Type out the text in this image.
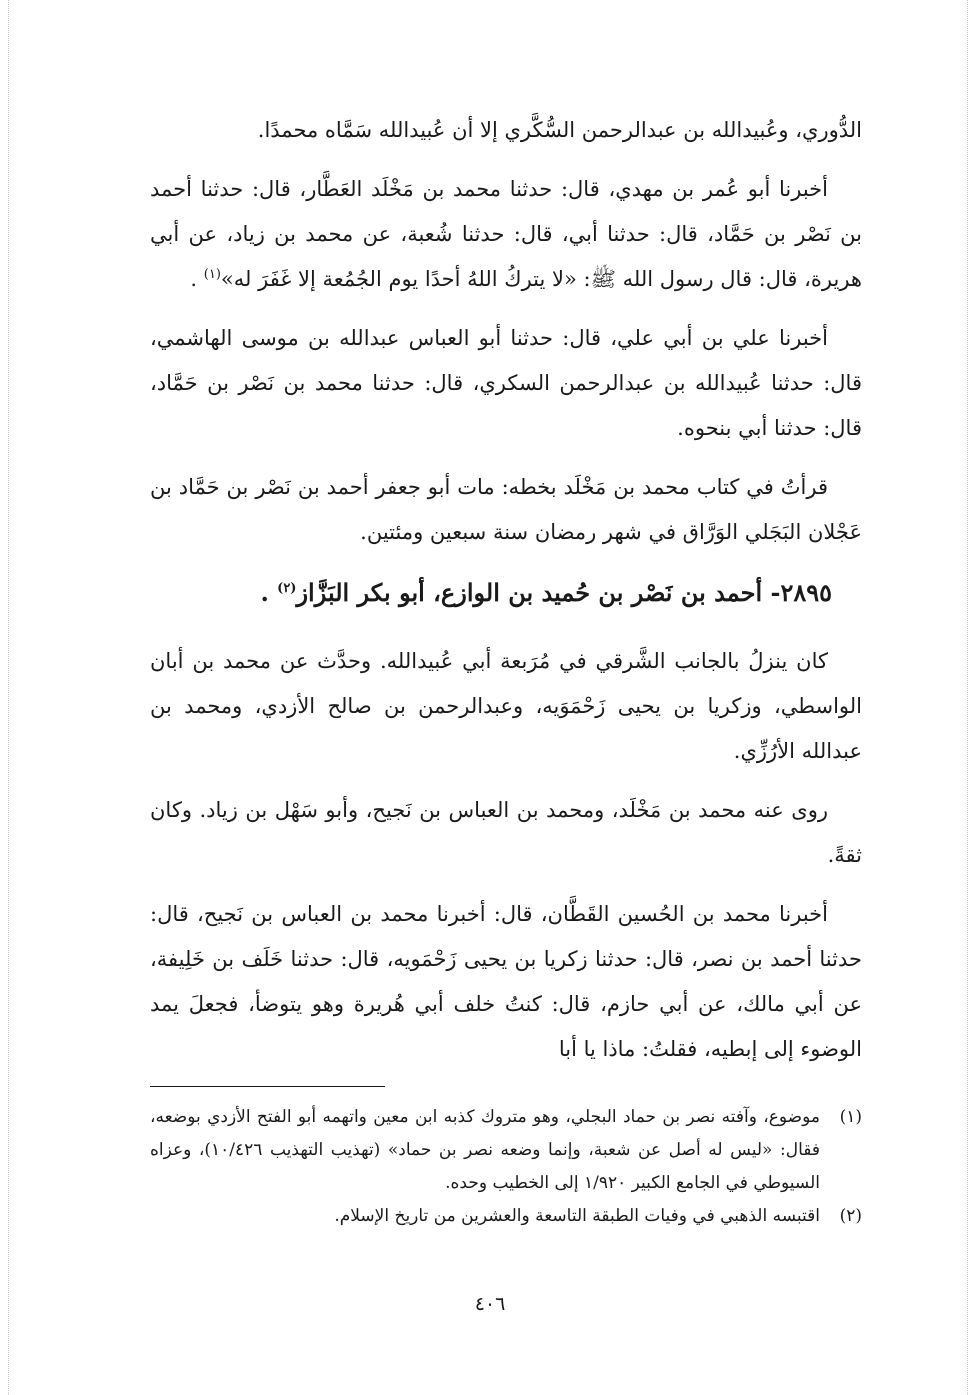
الدُّوري، وعُبيدالله بن عبدالرحمن السُّكَّري إلا أن عُبيدالله سَمَّاه محمدًا.

أخبرنا أبو عُمر بن مهدي، قال: حدثنا محمد بن مَخْلَد العَطَّار، قال: حدثنا أحمد بن نَصْر بن حَمَّاد، قال: حدثنا أبي، قال: حدثنا شُعبة، عن محمد بن زياد، عن أبي هريرة، قال: قال رسول الله ﷺ: «لا يتركُ اللهُ أحدًا يوم الجُمُعة إلا غَفَرَ له»$^{(١)}$ .

أخبرنا علي بن أبي علي، قال: حدثنا أبو العباس عبدالله بن موسى الهاشمي، قال: حدثنا عُبيدالله بن عبدالرحمن السكري، قال: حدثنا محمد بن نَصْر بن حَمَّاد، قال: حدثنا أبي بنحوه.

قرأتُ في كتاب محمد بن مَخْلَد بخطه: مات أبو جعفر أحمد بن نَصْر بن حَمَّاد بن عَجْلان البَجَلي الوَرَّاق في شهر رمضان سنة سبعين ومئتين.

٢٨٩٥- أحمد بن نَصْر بن حُميد بن الوازع، أبو بكر البَزَّاز$^{(٢)}$ .

كان ينزلُ بالجانب الشَّرقي في مُرَبعة أبي عُبيدالله. وحدَّث عن محمد بن أبان الواسطي، وزكريا بن يحيى زَحْمَوَيه، وعبدالرحمن بن صالح الأزدي، ومحمد بن عبدالله الأرُزِّي.

روى عنه محمد بن مَخْلَد، ومحمد بن العباس بن نَجيح، وأبو سَهْل بن زياد. وكان ثقةً.

أخبرنا محمد بن الحُسين القَطَّان، قال: أخبرنا محمد بن العباس بن نَجيح، قال: حدثنا أحمد بن نصر، قال: حدثنا زكريا بن يحيى زَحْمَويه، قال: حدثنا خَلَف بن خَلِيفة، عن أبي مالك، عن أبي حازم، قال: كنتُ خلف أبي هُريرة وهو يتوضأ، فجعلَ يمد الوضوء إلى إبطيه، فقلتُ: ماذا يا أبا

(١)
موضوع، وآفته نصر بن حماد البجلي، وهو متروك كذبه ابن معين واتهمه أبو الفتح الأزدي بوضعه، فقال: «ليس له أصل عن شعبة، وإنما وضعه نصر بن حماد» (تهذيب التهذيب ١٠/٤٢٦)، وعزاه السيوطي في الجامع الكبير ١/٩٢٠ إلى الخطيب وحده.
(٢)
اقتبسه الذهبي في وفيات الطبقة التاسعة والعشرين من تاريخ الإسلام.
٤٠٦
